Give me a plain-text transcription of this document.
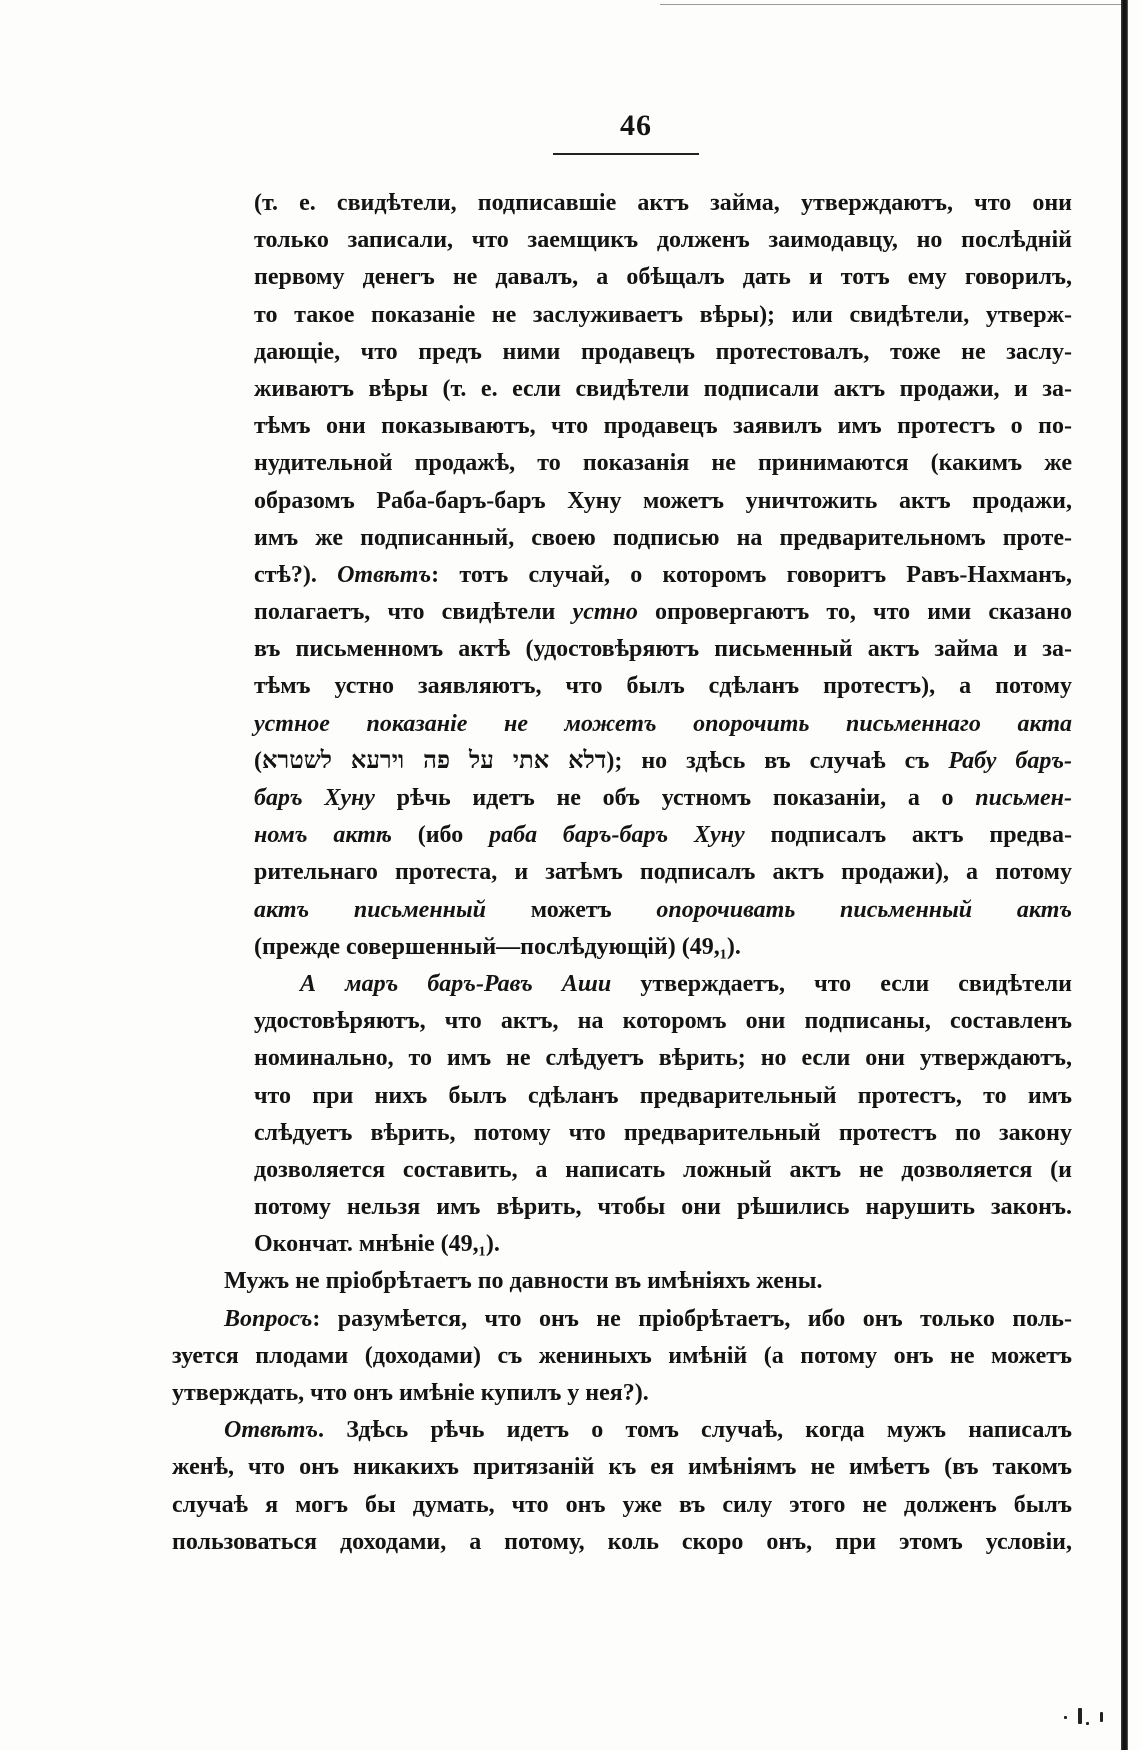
46
(т. е. свидѣтели, подписавшіе актъ займа, утверждаютъ, что они
только записали, что заемщикъ долженъ заимодавцу, но послѣдній
первому денегъ не давалъ, а обѣщалъ дать и тотъ ему говорилъ,
то такое показаніе не заслуживаетъ вѣры); или свидѣтели, утверж-
дающіе, что предъ ними продавецъ протестовалъ, тоже не заслу-
живаютъ вѣры (т. е. если свидѣтели подписали актъ продажи, и за-
тѣмъ они показываютъ, что продавецъ заявилъ имъ протестъ о по-
нудительной продажѣ, то показанія не принимаются (какимъ же
образомъ Раба-баръ-баръ Хуну можетъ уничтожить актъ продажи,
имъ же подписанный, своею подписью на предварительномъ проте-
стѣ?). Отвѣтъ: тотъ случай, о которомъ говоритъ Равъ-Нахманъ,
полагаетъ, что свидѣтели устно опровергаютъ то, что ими сказано
въ письменномъ актѣ (удостовѣряютъ письменный актъ займа и за-
тѣмъ устно заявляютъ, что былъ сдѣланъ протестъ), а потому
устное показаніе не можетъ опорочить письменнаго акта
(דלא אתי על פה וירעא לשטרא); но здѣсь въ случаѣ съ Рабу баръ-
баръ Хуну рѣчь идетъ не объ устномъ показаніи, а о письмен-
номъ актѣ (ибо раба баръ-баръ Хуну подписалъ актъ предва-
рительнаго протеста, и затѣмъ подписалъ актъ продажи), а потому
актъ письменный можетъ опорочивать письменный актъ
(прежде совершенный—послѣдующій) (49,₁).
А маръ баръ-Равъ Аши утверждаетъ, что если свидѣтели
удостовѣряютъ, что актъ, на которомъ они подписаны, составленъ
номинально, то имъ не слѣдуетъ вѣрить; но если они утверждаютъ,
что при нихъ былъ сдѣланъ предварительный протестъ, то имъ
слѣдуетъ вѣрить, потому что предварительный протестъ по закону
дозволяется составить, а написать ложный актъ не дозволяется (и
потому нельзя имъ вѣрить, чтобы они рѣшились нарушить законъ.
Окончат. мнѣніе (49,₁).
Мужъ не пріобрѣтаетъ по давности въ имѣніяхъ жены.
Вопросъ: разумѣется, что онъ не пріобрѣтаетъ, ибо онъ только поль-
зуется плодами (доходами) съ жениныхъ имѣній (а потому онъ не можетъ
утверждать, что онъ имѣніе купилъ у нея?).
Отвѣтъ. Здѣсь рѣчь идетъ о томъ случаѣ, когда мужъ написалъ
женѣ, что онъ никакихъ притязаній къ ея имѣніямъ не имѣетъ (въ такомъ
случаѣ я могъ бы думать, что онъ уже въ силу этого не долженъ былъ
пользоваться доходами, а потому, коль скоро онъ, при этомъ условіи,
